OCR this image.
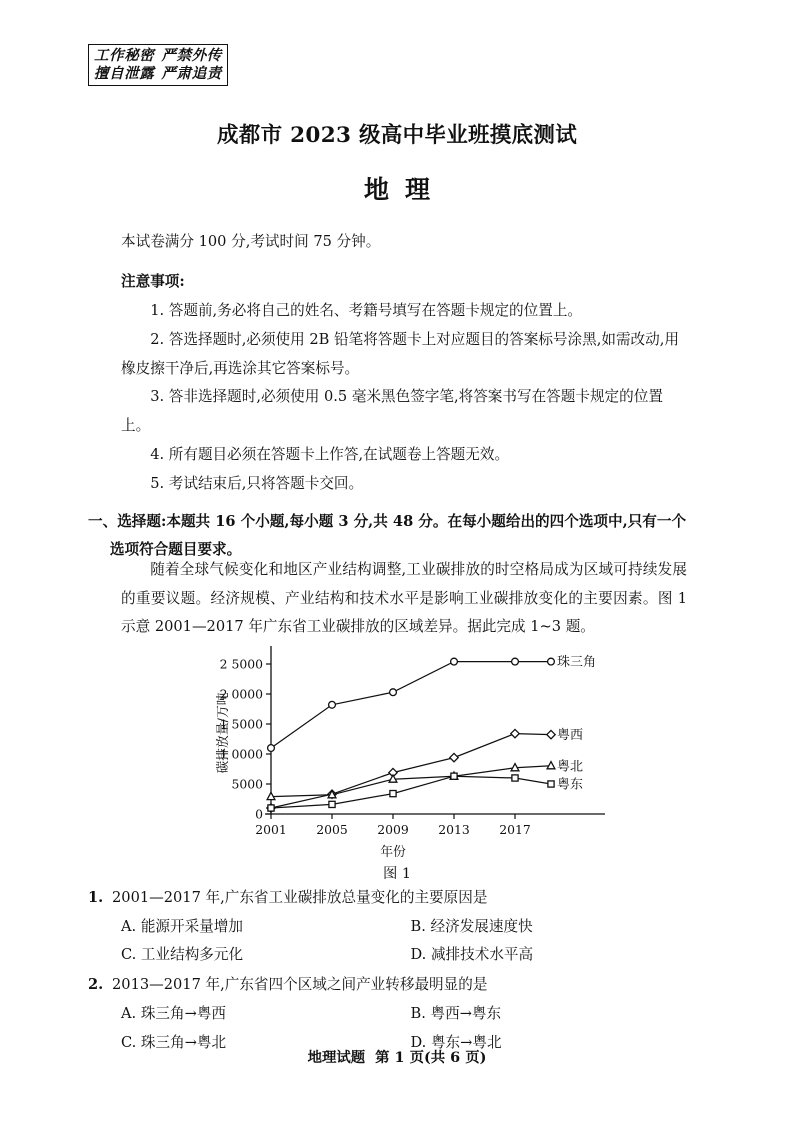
工作秘密 严禁外传
擅自泄露 严肃追责
成都市 2023 级高中毕业班摸底测试
地理

本试卷满分 100 分,考试时间 75 分钟。

注意事项:

1. 答题前,务必将自己的姓名、考籍号填写在答题卡规定的位置上。

2. 答选择题时,必须使用 2B 铅笔将答题卡上对应题目的答案标号涂黑,如需改动,用橡皮擦干净后,再选涂其它答案标号。

3. 答非选择题时,必须使用 0.5 毫米黑色签字笔,将答案书写在答题卡规定的位置上。

4. 所有题目必须在答题卡上作答,在试题卷上答题无效。

5. 考试结束后,只将答题卡交回。

一、选择题:本题共 16 个小题,每小题 3 分,共 48 分。在每小题给出的四个选项中,只有一个
选项符合题目要求。
随着全球气候变化和地区产业结构调整,工业碳排放的时空格局成为区域可持续发展的重要议题。经济规模、产业结构和技术水平是影响工业碳排放变化的主要因素。图 1 示意 2001—2017 年广东省工业碳排放的区域差异。据此完成 1~3 题。
0
5000
1 0000
1 5000
2 0000
2 5000
2001 2005 2009 2013 2017
碳排放量/万吨
年份
珠三角
粤西
粤北
粤东
图 1
1. 2001—2017 年,广东省工业碳排放总量变化的主要原因是
A. 能源开采量增加	B. 经济发展速度快
C. 工业结构多元化	D. 减排技术水平高
2. 2013—2017 年,广东省四个区域之间产业转移最明显的是
A. 珠三角→粤西	B. 粤西→粤东
C. 珠三角→粤北	D. 粤东→粤北
地理试题 第 1 页(共 6 页)
